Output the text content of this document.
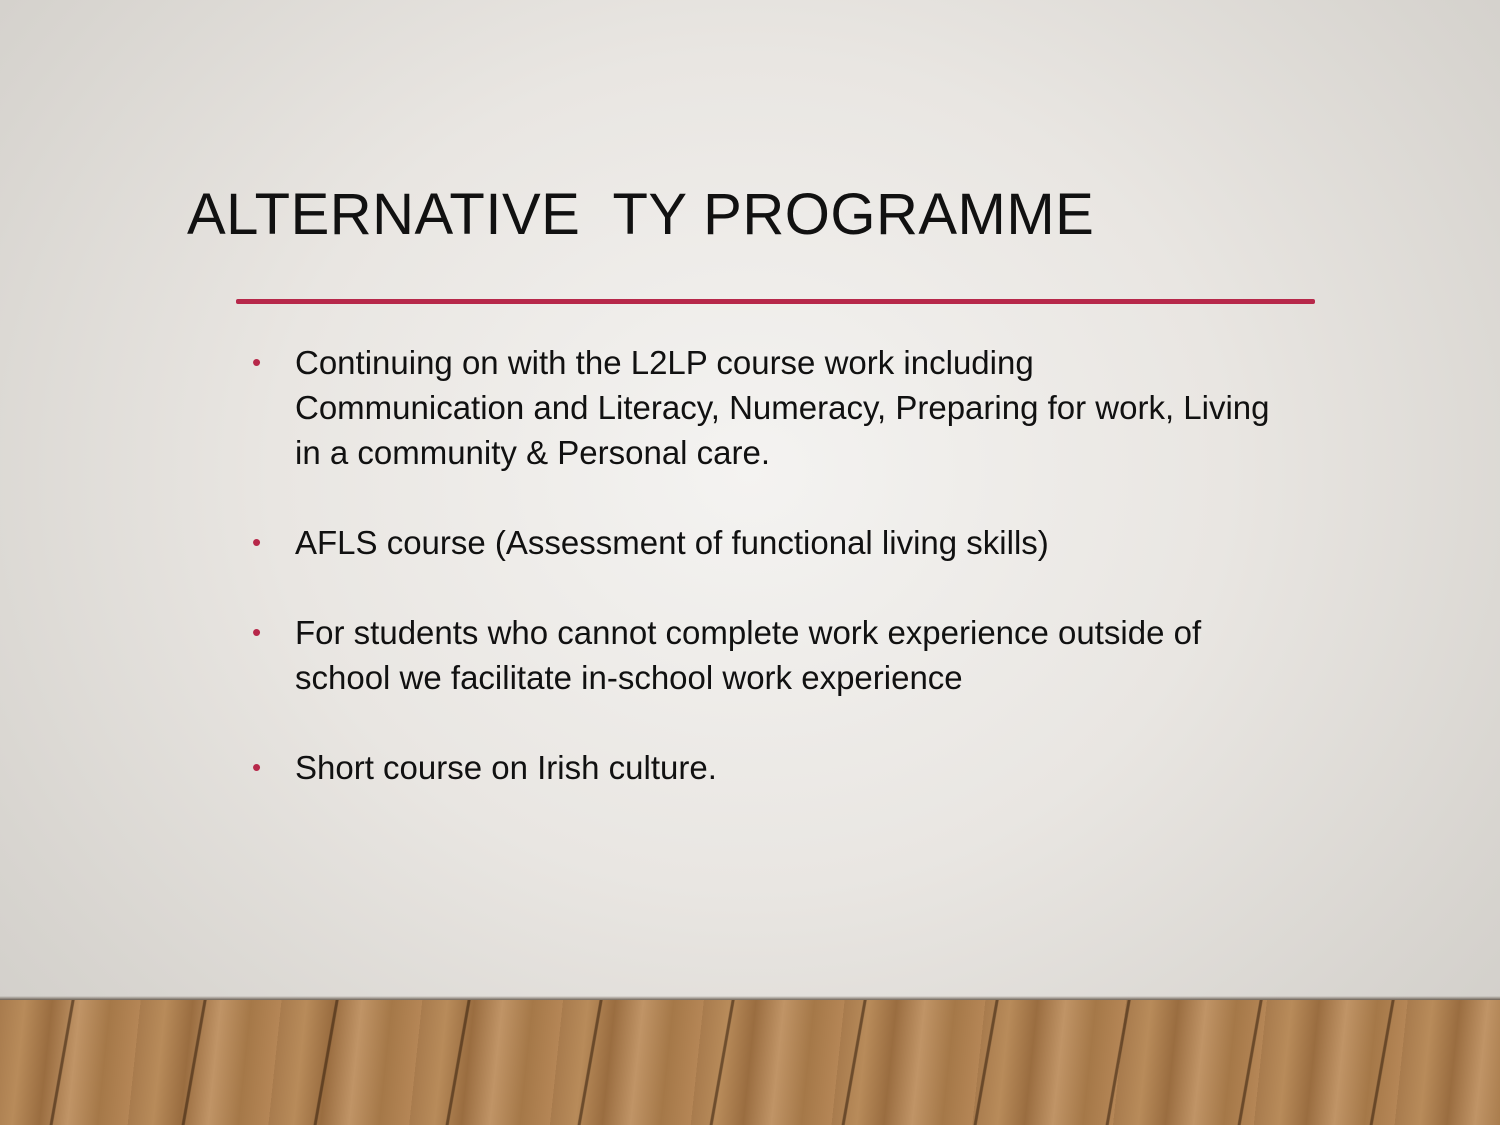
ALTERNATIVE  TY PROGRAMME
• Continuing on with the L2LP course work including Communication and Literacy, Numeracy, Preparing for work, Living in a community & Personal care.
• AFLS course (Assessment of functional living skills)
• For students who cannot complete work experience outside of school we facilitate in-school work experience
• Short course on Irish culture.
